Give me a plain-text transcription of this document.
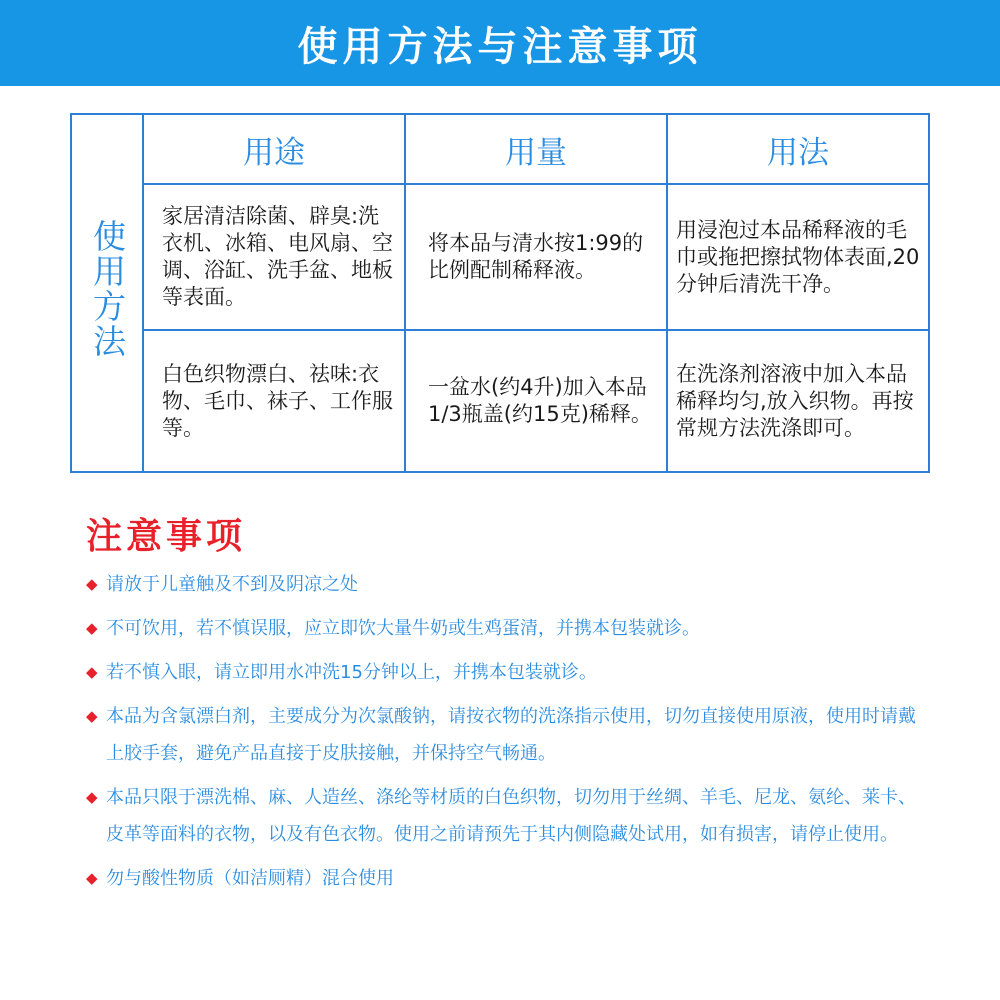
使用方法与注意事项
使用方法	用途	用量	用法
	家居清洁除菌、辟臭:洗衣机、冰箱、电风扇、空调、浴缸、洗手盆、地板等表面。	将本品与清水按1:99的比例配制稀释液。	用浸泡过本品稀释液的毛巾或拖把擦拭物体表面,20分钟后清洗干净。
	白色织物漂白、祛味:衣物、毛巾、袜子、工作服等。	一盆水(约4升)加入本品1/3瓶盖(约15克)稀释。	在洗涤剂溶液中加入本品稀释均匀,放入织物。再按常规方法洗涤即可。
注意事项
◆ 请放于儿童触及不到及阴凉之处
◆ 不可饮用，若不慎误服，应立即饮大量牛奶或生鸡蛋清，并携本包装就诊。
◆ 若不慎入眼，请立即用水冲洗15分钟以上，并携本包装就诊。
◆ 本品为含氯漂白剂，主要成分为次氯酸钠，请按衣物的洗涤指示使用，切勿直接使用原液，使用时请戴上胶手套，避免产品直接于皮肤接触，并保持空气畅通。
◆ 本品只限于漂洗棉、麻、人造丝、涤纶等材质的白色织物，切勿用于丝绸、羊毛、尼龙、氨纶、莱卡、皮革等面料的衣物，以及有色衣物。使用之前请预先于其内侧隐藏处试用，如有损害，请停止使用。
◆ 勿与酸性物质（如洁厕精）混合使用
